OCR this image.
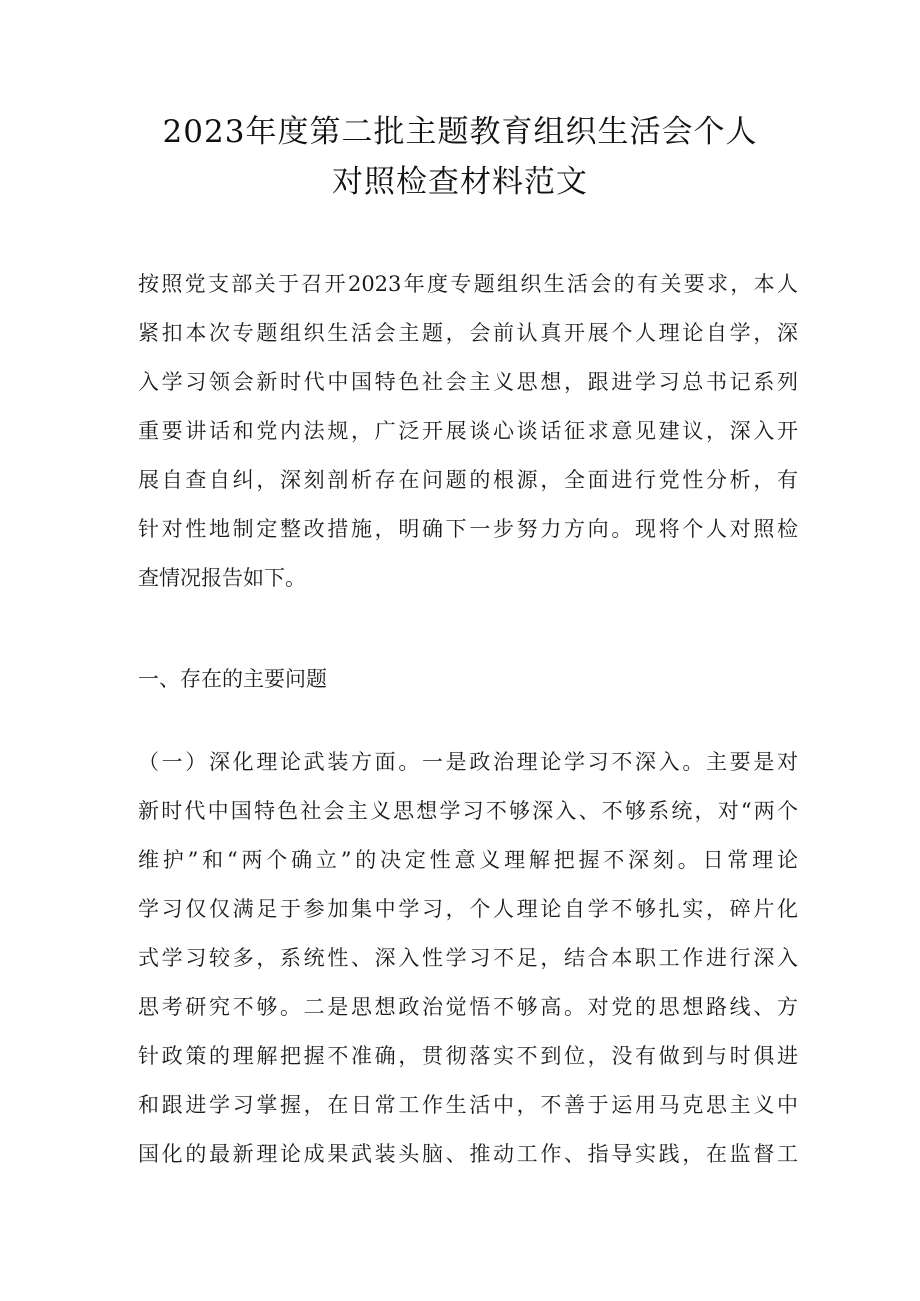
2023年度第二批主题教育组织生活会个人
对照检查材料范文
按照党支部关于召开2023年度专题组织生活会的有关要求，本人
紧扣本次专题组织生活会主题，会前认真开展个人理论自学，深
入学习领会新时代中国特色社会主义思想，跟进学习总书记系列
重要讲话和党内法规，广泛开展谈心谈话征求意见建议，深入开
展自查自纠，深刻剖析存在问题的根源，全面进行党性分析，有
针对性地制定整改措施，明确下一步努力方向。现将个人对照检
查情况报告如下。
一、存在的主要问题
（一）深化理论武装方面。一是政治理论学习不深入。主要是对
新时代中国特色社会主义思想学习不够深入、不够系统，对“两个
维护”和“两个确立”的决定性意义理解把握不深刻。日常理论
学习仅仅满足于参加集中学习，个人理论自学不够扎实，碎片化
式学习较多，系统性、深入性学习不足，结合本职工作进行深入
思考研究不够。二是思想政治觉悟不够高。对党的思想路线、方
针政策的理解把握不准确，贯彻落实不到位，没有做到与时俱进
和跟进学习掌握，在日常工作生活中，不善于运用马克思主义中
国化的最新理论成果武装头脑、推动工作、指导实践，在监督工
